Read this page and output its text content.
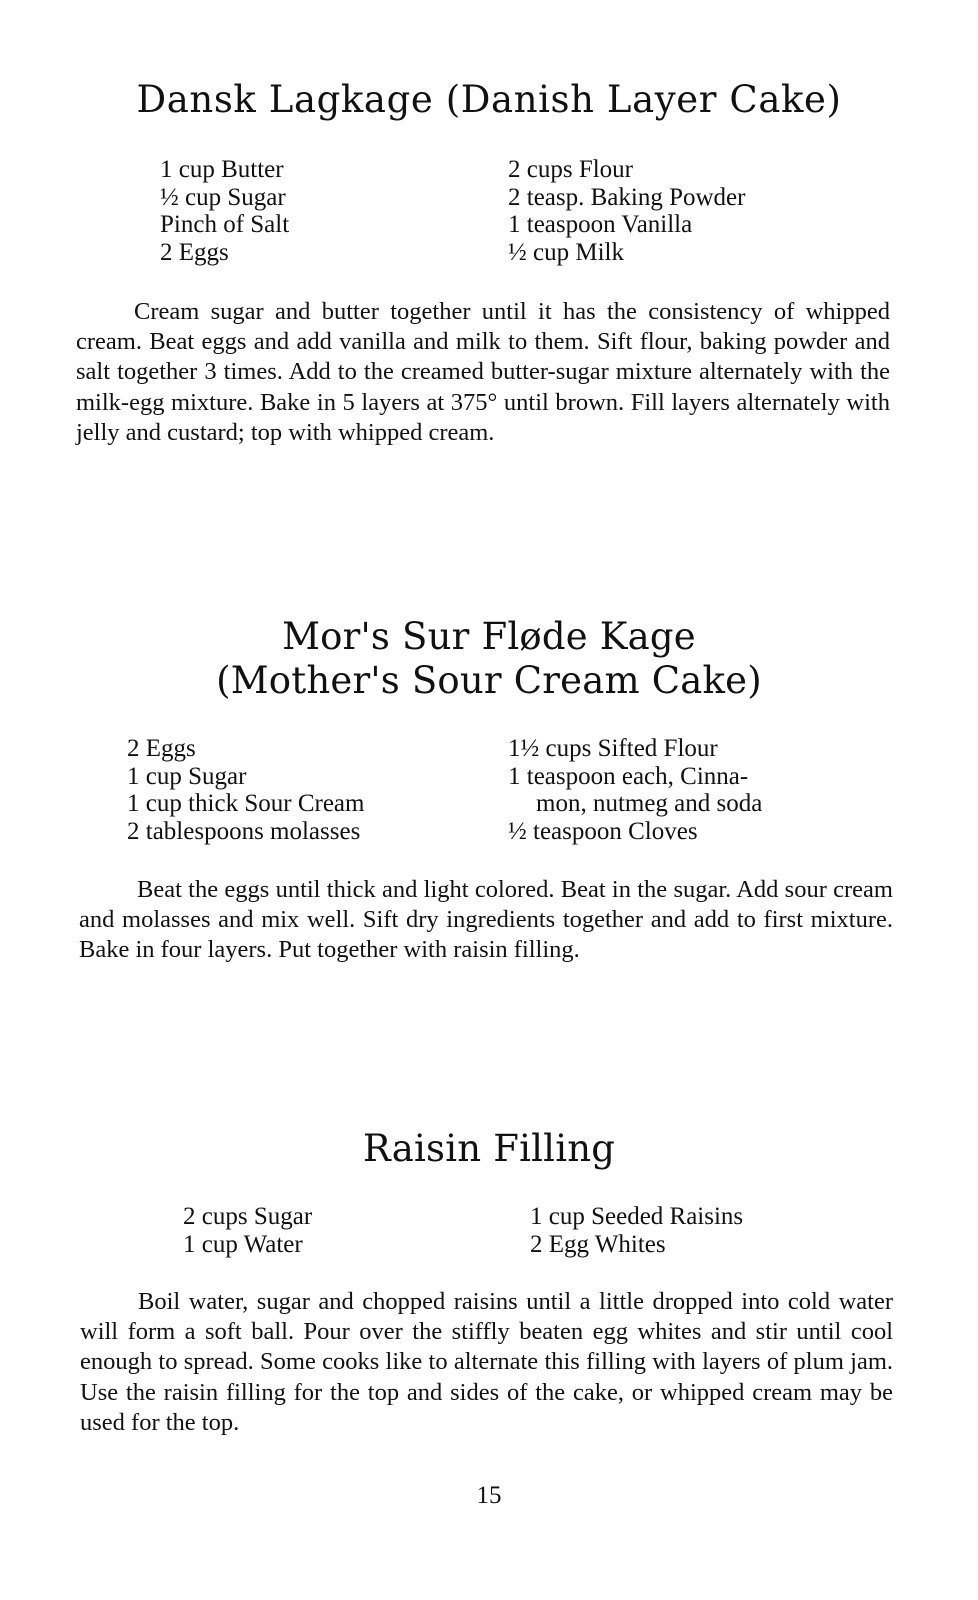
Dansk Lagkage (Danish Layer Cake)
1 cup Butter
½ cup Sugar
Pinch of Salt
2 Eggs
2 cups Flour
2 teasp. Baking Powder
1 teaspoon Vanilla
½ cup Milk

Cream sugar and butter together until it has the consistency of whipped cream. Beat eggs and add vanilla and milk to them. Sift flour, baking powder and salt together 3 times. Add to the creamed butter-sugar mixture alternately with the milk-egg mixture. Bake in 5 layers at 375° until brown. Fill layers alternately with jelly and custard; top with whipped cream.

Mor's Sur Fløde Kage
(Mother's Sour Cream Cake)
2 Eggs
1 cup Sugar
1 cup thick Sour Cream
2 tablespoons molasses
1½ cups Sifted Flour
1 teaspoon each, Cinna-
mon, nutmeg and soda
½ teaspoon Cloves

Beat the eggs until thick and light colored. Beat in the sugar. Add sour cream and molasses and mix well. Sift dry ingredients together and add to first mixture. Bake in four layers. Put together with raisin filling.

Raisin Filling
2 cups Sugar
1 cup Water
1 cup Seeded Raisins
2 Egg Whites

Boil water, sugar and chopped raisins until a little dropped into cold water will form a soft ball. Pour over the stiffly beaten egg whites and stir until cool enough to spread. Some cooks like to alternate this filling with layers of plum jam. Use the raisin filling for the top and sides of the cake, or whipped cream may be used for the top.

15
